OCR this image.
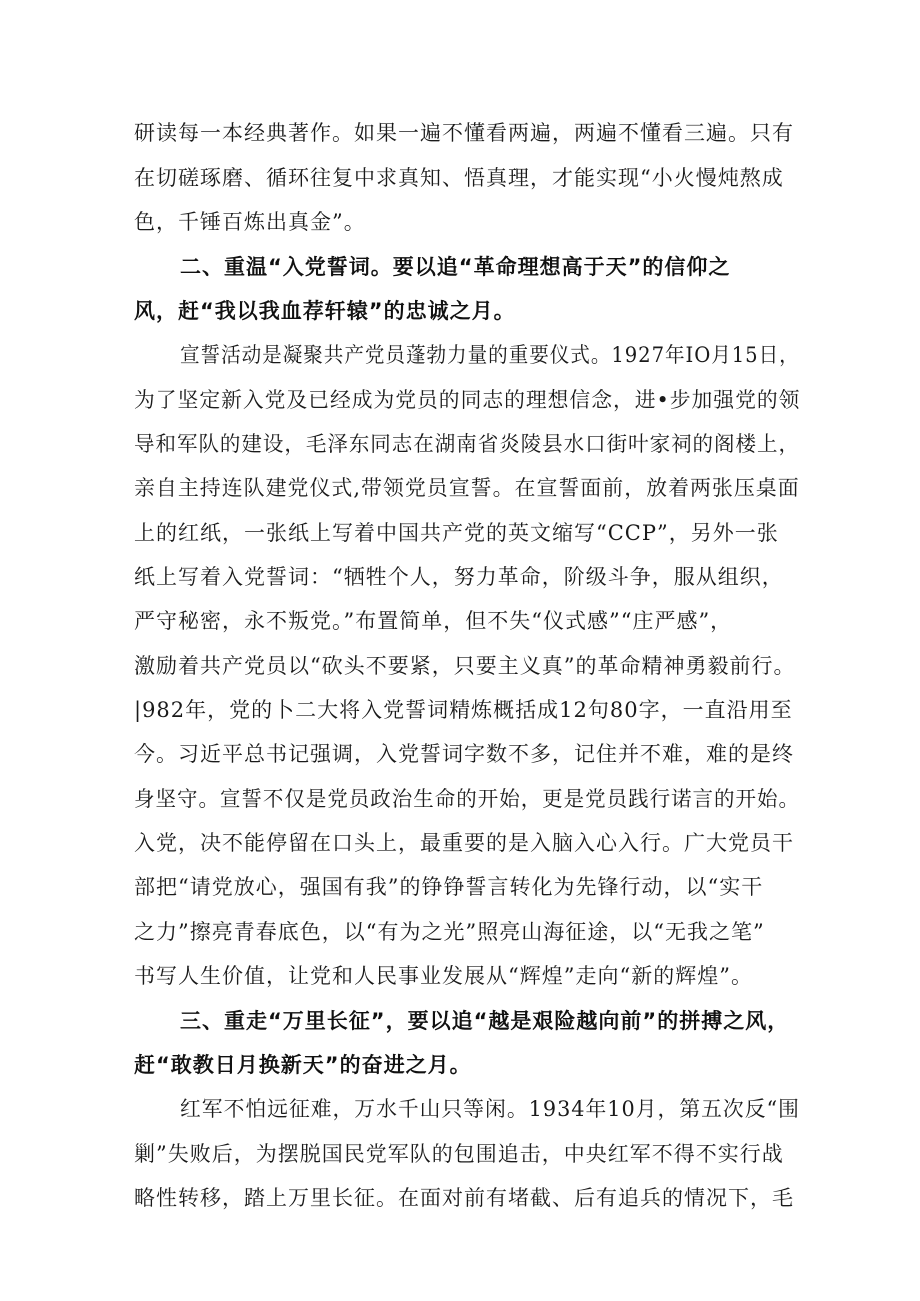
研读每一本经典著作。如果一遍不懂看两遍，两遍不懂看三遍。只有
在切磋琢磨、循环往复中求真知、悟真理，才能实现“小火慢炖熬成
色，千锤百炼出真金”。
二、重温“入党誓词。要以追“革命理想高于天”的信仰之
风，赶“我以我血荐轩辕”的忠诚之月。
宣誓活动是凝聚共产党员蓬勃力量的重要仪式。1927年IO月15日，
为了坚定新入党及已经成为党员的同志的理想信念，进•步加强党的领
导和军队的建设，毛泽东同志在湖南省炎陵县水口街叶家祠的阁楼上，
亲自主持连队建党仪式,带领党员宣誓。在宣誓面前，放着两张压桌面
上的红纸，一张纸上写着中国共产党的英文缩写“CCP”，另外一张
纸上写着入党誓词：“牺牲个人，努力革命，阶级斗争，服从组织，
严守秘密，永不叛党。”布置简单，但不失“仪式感”“庄严感”，
激励着共产党员以“砍头不要紧，只要主义真”的革命精神勇毅前行。
|982年，党的卜二大将入党誓词精炼概括成12句80字，一直沿用至
今。习近平总书记强调，入党誓词字数不多，记住并不难，难的是终
身坚守。宣誓不仅是党员政治生命的开始，更是党员践行诺言的开始。
入党，决不能停留在口头上，最重要的是入脑入心入行。广大党员干
部把“请党放心，强国有我”的铮铮誓言转化为先锋行动，以“实干
之力”擦亮青春底色，以“有为之光”照亮山海征途，以“无我之笔”
书写人生价值，让党和人民事业发展从“辉煌”走向“新的辉煌”。
三、重走“万里长征”，要以追“越是艰险越向前”的拼搏之风，
赶“敢教日月换新天”的奋进之月。
红军不怕远征难，万水千山只等闲。1934年10月，第五次反“围
剿”失败后，为摆脱国民党军队的包围追击，中央红军不得不实行战
略性转移，踏上万里长征。在面对前有堵截、后有追兵的情况下，毛
